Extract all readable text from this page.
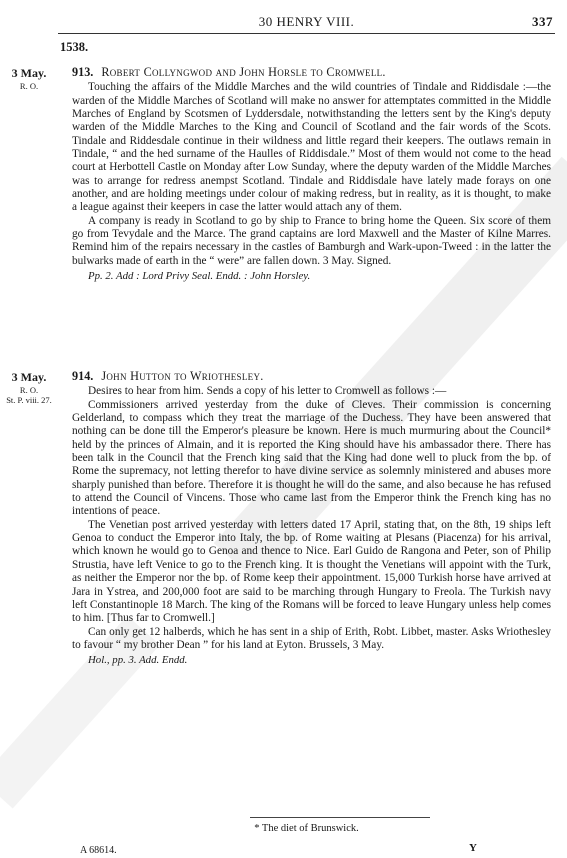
30 HENRY VIII.	337
1538.
3 May.
R. O.
913. Robert Collyngwod and John Horsle to Cromwell.

Touching the affairs of the Middle Marches and the wild countries of Tindale and Riddisdale :—the warden of the Middle Marches of Scotland will make no answer for attemptates committed in the Middle Marches of England by Scotsmen of Lyddersdale, notwithstanding the letters sent by the King's deputy warden of the Middle Marches to the King and Council of Scotland and the fair words of the Scots. Tindale and Riddesdale continue in their wildness and little regard their keepers. The outlaws remain in Tindale, “ and the hed surname of the Haulles of Riddisdale.” Most of them would not come to the head court at Herbottell Castle on Monday after Low Sunday, where the deputy warden of the Middle Marches was to arrange for redress anempst Scotland. Tindale and Riddisdale have lately made forays on one another, and are holding meetings under colour of making redress, but in reality, as it is thought, to make a league against their keepers in case the latter would attach any of them.

A company is ready in Scotland to go by ship to France to bring home the Queen. Six score of them go from Tevydale and the Marce. The grand captains are lord Maxwell and the Master of Kilne Marres. Remind him of the repairs necessary in the castles of Bamburgh and Wark-upon-Tweed : in the latter the bulwarks made of earth in the “ were” are fallen down. 3 May. Signed.

Pp. 2. Add : Lord Privy Seal. Endd. : John Horsley.

3 May.
R. O.
St. P. viii. 27.
914. John Hutton to Wriothesley.

Desires to hear from him. Sends a copy of his letter to Cromwell as follows :—

Commissioners arrived yesterday from the duke of Cleves. Their commission is concerning Gelderland, to compass which they treat the marriage of the Duchess. They have been answered that nothing can be done till the Emperor's pleasure be known. Here is much murmuring about the Council* held by the princes of Almain, and it is reported the King should have his ambassador there. There has been talk in the Council that the French king said that the King had done well to pluck from the bp. of Rome the supremacy, not letting therefor to have divine service as solemnly ministered and abuses more sharply punished than before. Therefore it is thought he will do the same, and also because he has refused to attend the Council of Vincens. Those who came last from the Emperor think the French king has no intentions of peace.

The Venetian post arrived yesterday with letters dated 17 April, stating that, on the 8th, 19 ships left Genoa to conduct the Emperor into Italy, the bp. of Rome waiting at Plesans (Piacenza) for his arrival, which known he would go to Genoa and thence to Nice. Earl Guido de Rangona and Peter, son of Philip Strustia, have left Venice to go to the French king. It is thought the Venetians will appoint with the Turk, as neither the Emperor nor the bp. of Rome keep their appointment. 15,000 Turkish horse have arrived at Jara in Ystrea, and 200,000 foot are said to be marching through Hungary to Freola. The Turkish navy left Constantinople 18 March. The king of the Romans will be forced to leave Hungary unless help comes to him. [Thus far to Cromwell.]

Can only get 12 halberds, which he has sent in a ship of Erith, Robt. Libbet, master. Asks Wriothesley to favour “ my brother Dean ” for his land at Eyton. Brussels, 3 May.

Hol., pp. 3. Add. Endd.

* The diet of Brunswick.
A 68614.	Y
